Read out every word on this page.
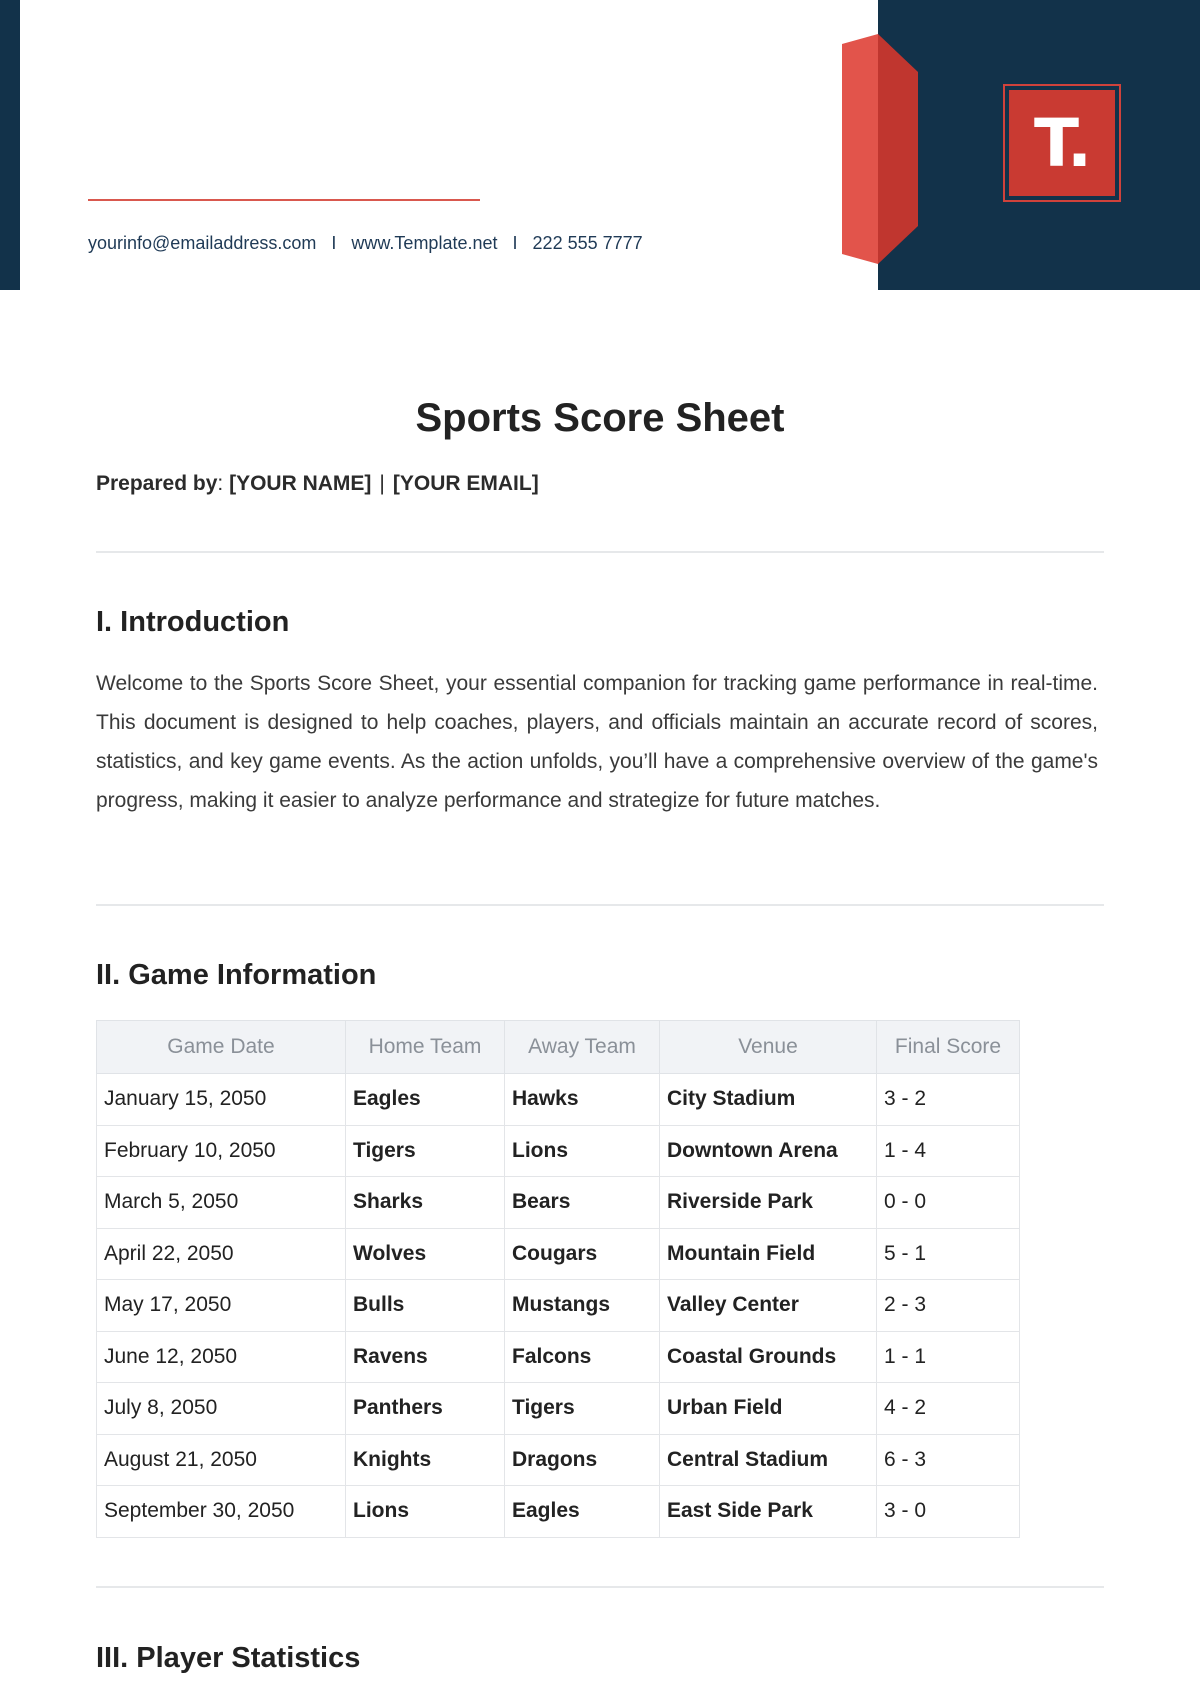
T.
yourinfo@emailaddress.com I www.Template.net I 222 555 7777
Sports Score Sheet
Prepared by: [YOUR NAME] | [YOUR EMAIL]
I. Introduction

Welcome to the Sports Score Sheet, your essential companion for tracking game performance in real-time. This document is designed to help coaches, players, and officials maintain an accurate record of scores, statistics, and key game events. As the action unfolds, you’ll have a comprehensive overview of the game's progress, making it easier to analyze performance and strategize for future matches.

II. Game Information
Game Date	Home Team	Away Team	Venue	Final Score
January 15, 2050	Eagles	Hawks	City Stadium	3 - 2
February 10, 2050	Tigers	Lions	Downtown Arena	1 - 4
March 5, 2050	Sharks	Bears	Riverside Park	0 - 0
April 22, 2050	Wolves	Cougars	Mountain Field	5 - 1
May 17, 2050	Bulls	Mustangs	Valley Center	2 - 3
June 12, 2050	Ravens	Falcons	Coastal Grounds	1 - 1
July 8, 2050	Panthers	Tigers	Urban Field	4 - 2
August 21, 2050	Knights	Dragons	Central Stadium	6 - 3
September 30, 2050	Lions	Eagles	East Side Park	3 - 0
III. Player Statistics
